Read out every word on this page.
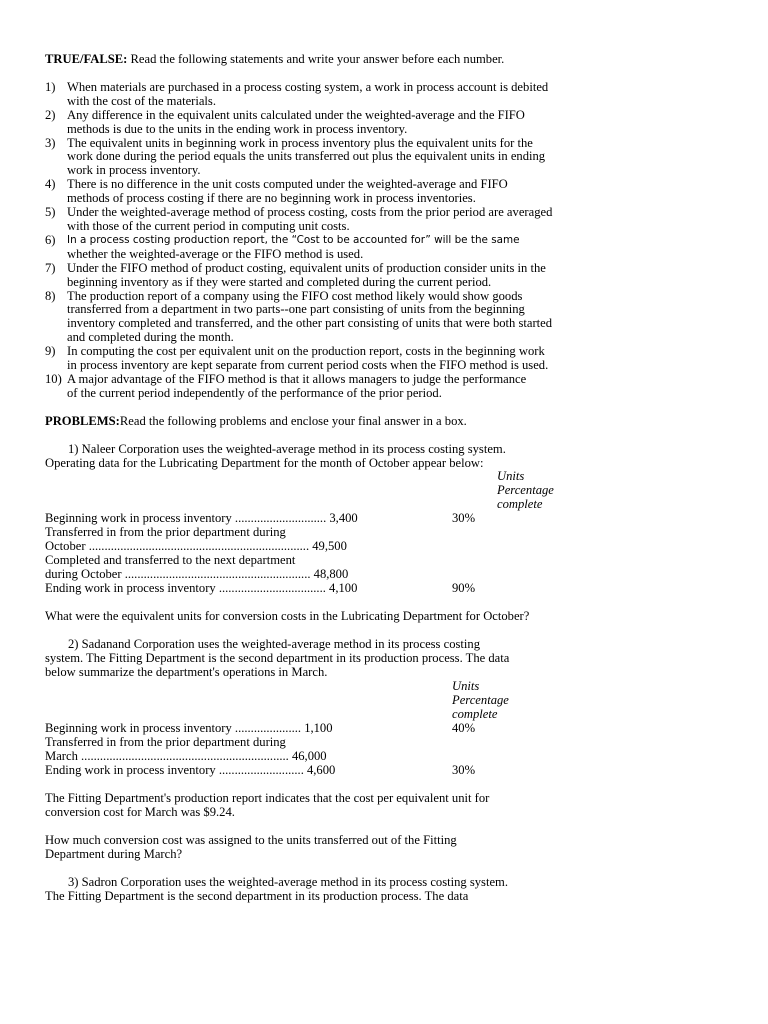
TRUE/FALSE: Read the following statements and write your answer before each number.

1) When materials are purchased in a process costing system, a work in process account is debited with the cost of the materials.
2) Any difference in the equivalent units calculated under the weighted-average and the FIFO methods is due to the units in the ending work in process inventory.
3) The equivalent units in beginning work in process inventory plus the equivalent units for the work done during the period equals the units transferred out plus the equivalent units in ending work in process inventory.
4) There is no difference in the unit costs computed under the weighted-average and FIFO methods of process costing if there are no beginning work in process inventories.
5) Under the weighted-average method of process costing, costs from the prior period are averaged with those of the current period in computing unit costs.
6) In a process costing production report, the “Cost to be accounted for” will be the same
whether the weighted-average or the FIFO method is used.
7) Under the FIFO method of product costing, equivalent units of production consider units in the beginning inventory as if they were started and completed during the current period.
8) The production report of a company using the FIFO cost method likely would show goods transferred from a department in two parts--one part consisting of units from the beginning inventory completed and transferred, and the other part consisting of units that were both started and completed during the month.
9) In computing the cost per equivalent unit on the production report, costs in the beginning work in process inventory are kept separate from current period costs when the FIFO method is used.
10) A major advantage of the FIFO method is that it allows managers to judge the performance of the current period independently of the performance of the prior period.

PROBLEMS:Read the following problems and enclose your final answer in a box.

1) Naleer Corporation uses the weighted-average method in its process costing system.
Operating data for the Lubricating Department for the month of October appear below:
Units
Percentage
complete
Beginning work in process inventory ............................. 3,400	30%
Transferred in from the prior department during
October ...................................................................... 49,500
Completed and transferred to the next department
during October ........................................................... 48,800
Ending work in process inventory .................................. 4,100	90%

What were the equivalent units for conversion costs in the Lubricating Department for October?

2) Sadanand Corporation uses the weighted-average method in its process costing
system. The Fitting Department is the second department in its production process. The data below summarize the department's operations in March.
Units
Percentage
complete
Beginning work in process inventory ..................... 1,100	40%
Transferred in from the prior department during
March .................................................................. 46,000
Ending work in process inventory ........................... 4,600	30%

The Fitting Department's production report indicates that the cost per equivalent unit for conversion cost for March was $9.24.

How much conversion cost was assigned to the units transferred out of the Fitting Department during March?

3) Sadron Corporation uses the weighted-average method in its process costing system.
The Fitting Department is the second department in its production process. The data
